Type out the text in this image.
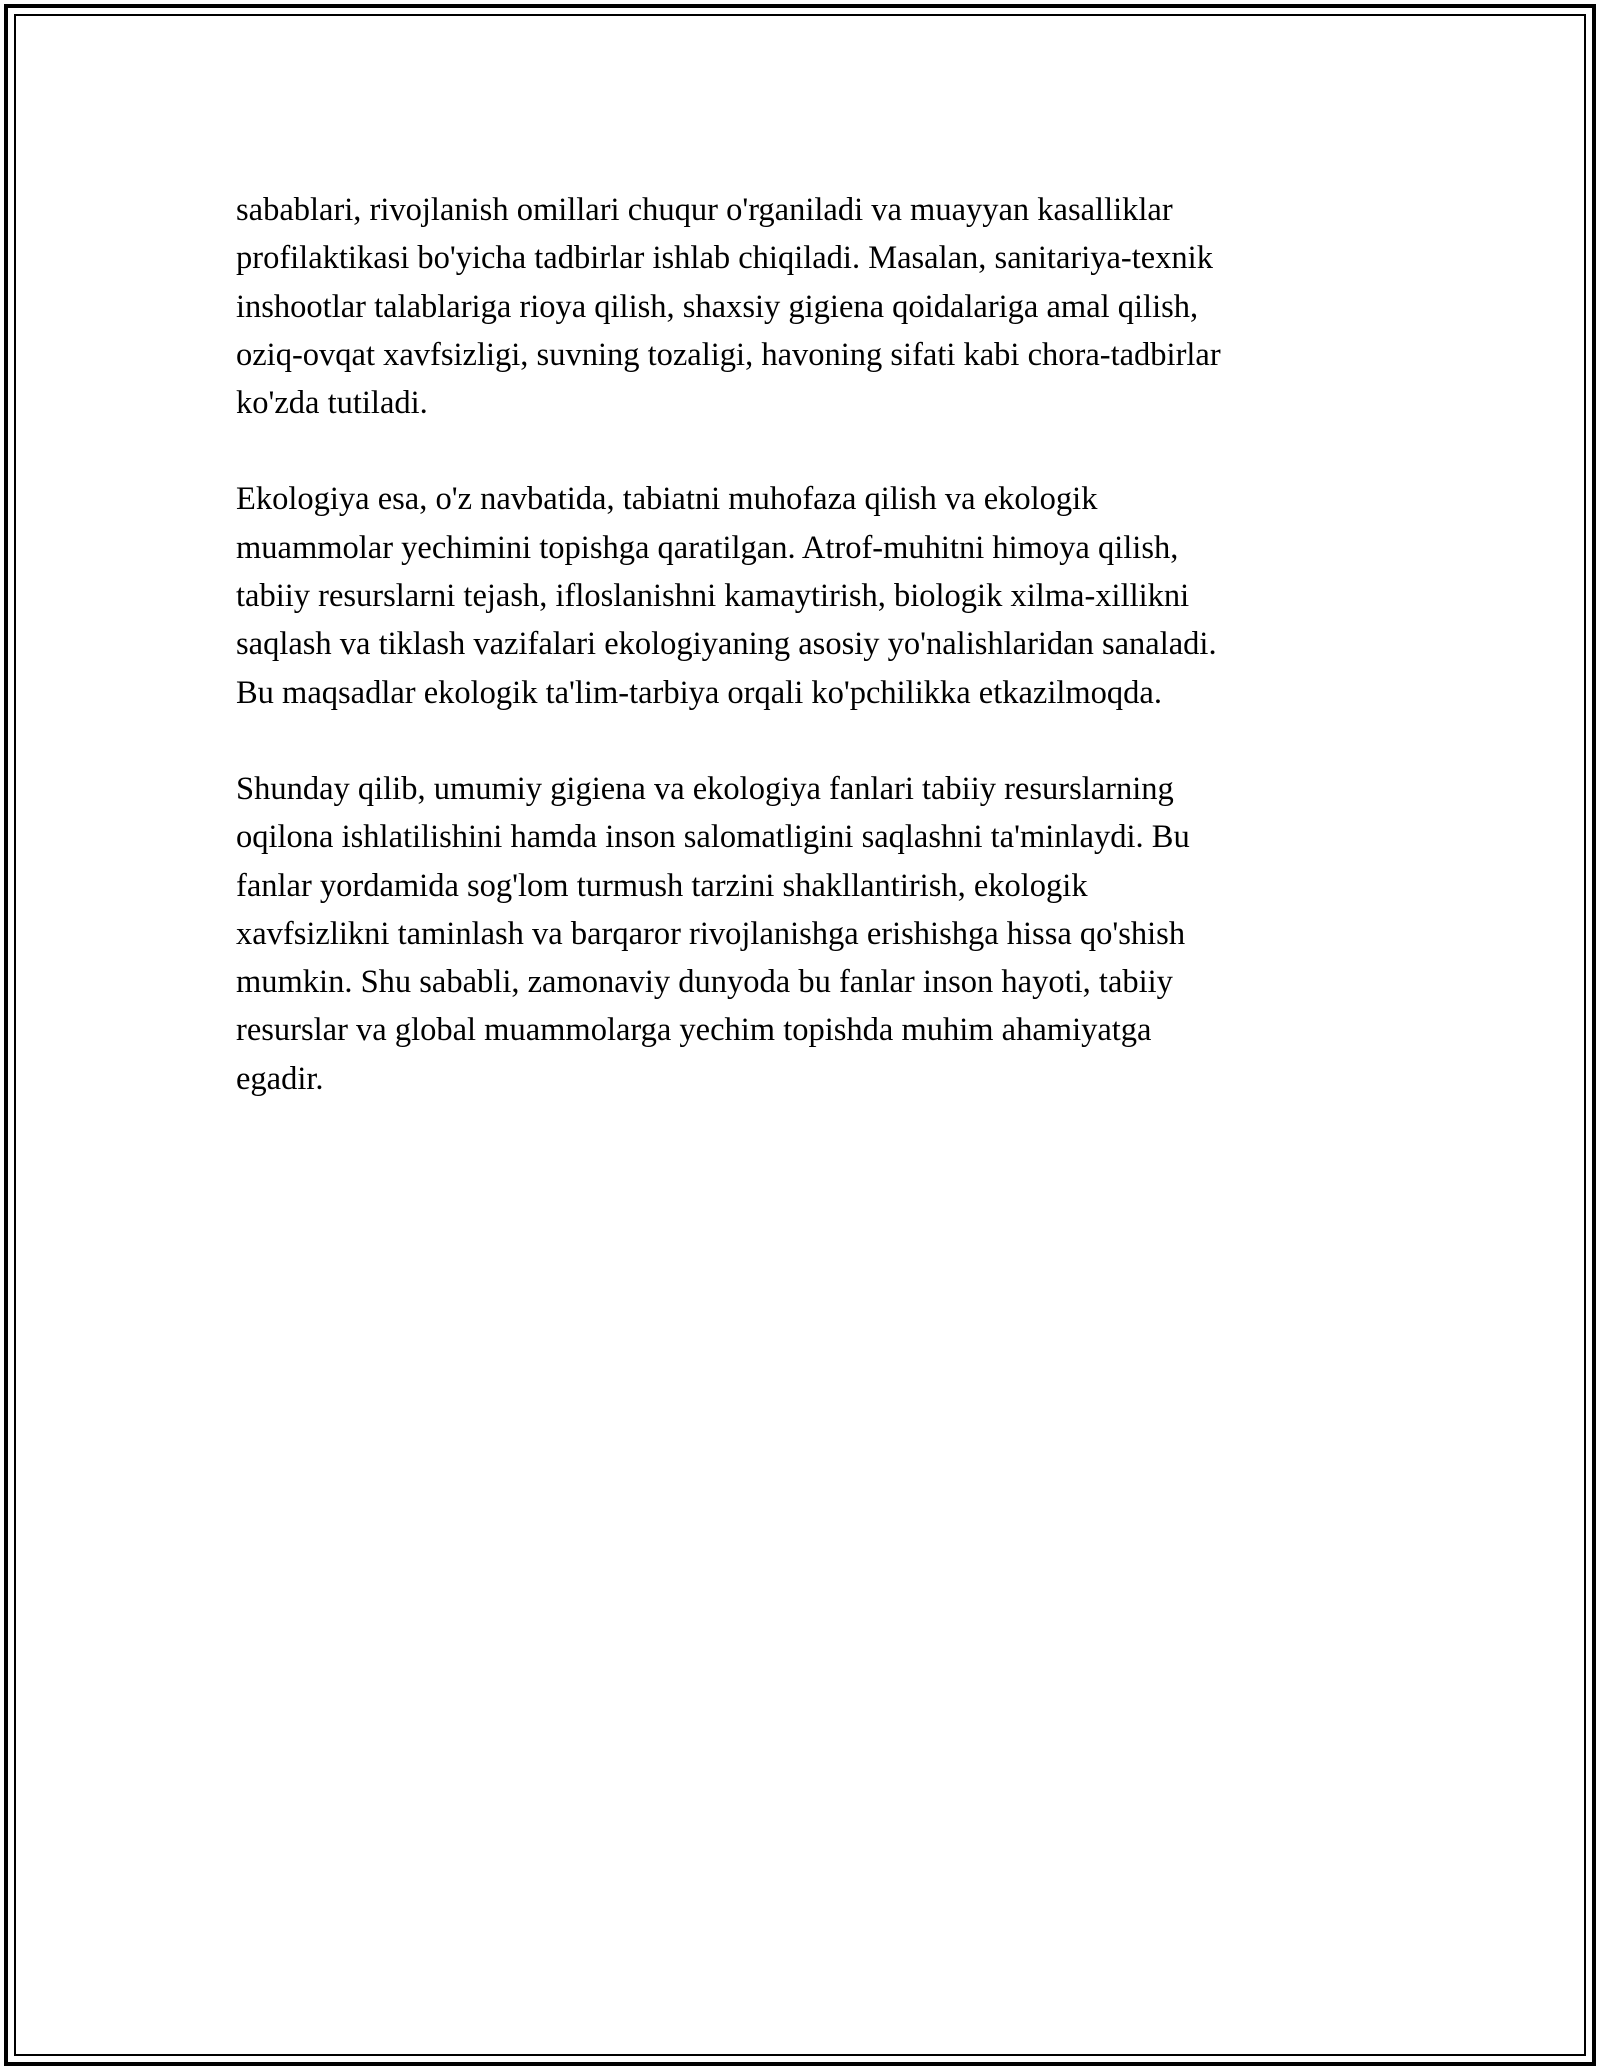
sabablari, rivojlanish omillari chuqur o'rganiladi va muayyan kasalliklar
profilaktikasi bo'yicha tadbirlar ishlab chiqiladi. Masalan, sanitariya-texnik
inshootlar talablariga rioya qilish, shaxsiy gigiena qoidalariga amal qilish,
oziq-ovqat xavfsizligi, suvning tozaligi, havoning sifati kabi chora-tadbirlar
ko'zda tutiladi.

Ekologiya esa, o'z navbatida, tabiatni muhofaza qilish va ekologik
muammolar yechimini topishga qaratilgan. Atrof-muhitni himoya qilish,
tabiiy resurslarni tejash, ifloslanishni kamaytirish, biologik xilma-xillikni
saqlash va tiklash vazifalari ekologiyaning asosiy yo'nalishlaridan sanaladi.
Bu maqsadlar ekologik ta'lim-tarbiya orqali ko'pchilikka etkazilmoqda.

Shunday qilib, umumiy gigiena va ekologiya fanlari tabiiy resurslarning
oqilona ishlatilishini hamda inson salomatligini saqlashni ta'minlaydi. Bu
fanlar yordamida sog'lom turmush tarzini shakllantirish, ekologik
xavfsizlikni taminlash va barqaror rivojlanishga erishishga hissa qo'shish
mumkin. Shu sababli, zamonaviy dunyoda bu fanlar inson hayoti, tabiiy
resurslar va global muammolarga yechim topishda muhim ahamiyatga
egadir.
